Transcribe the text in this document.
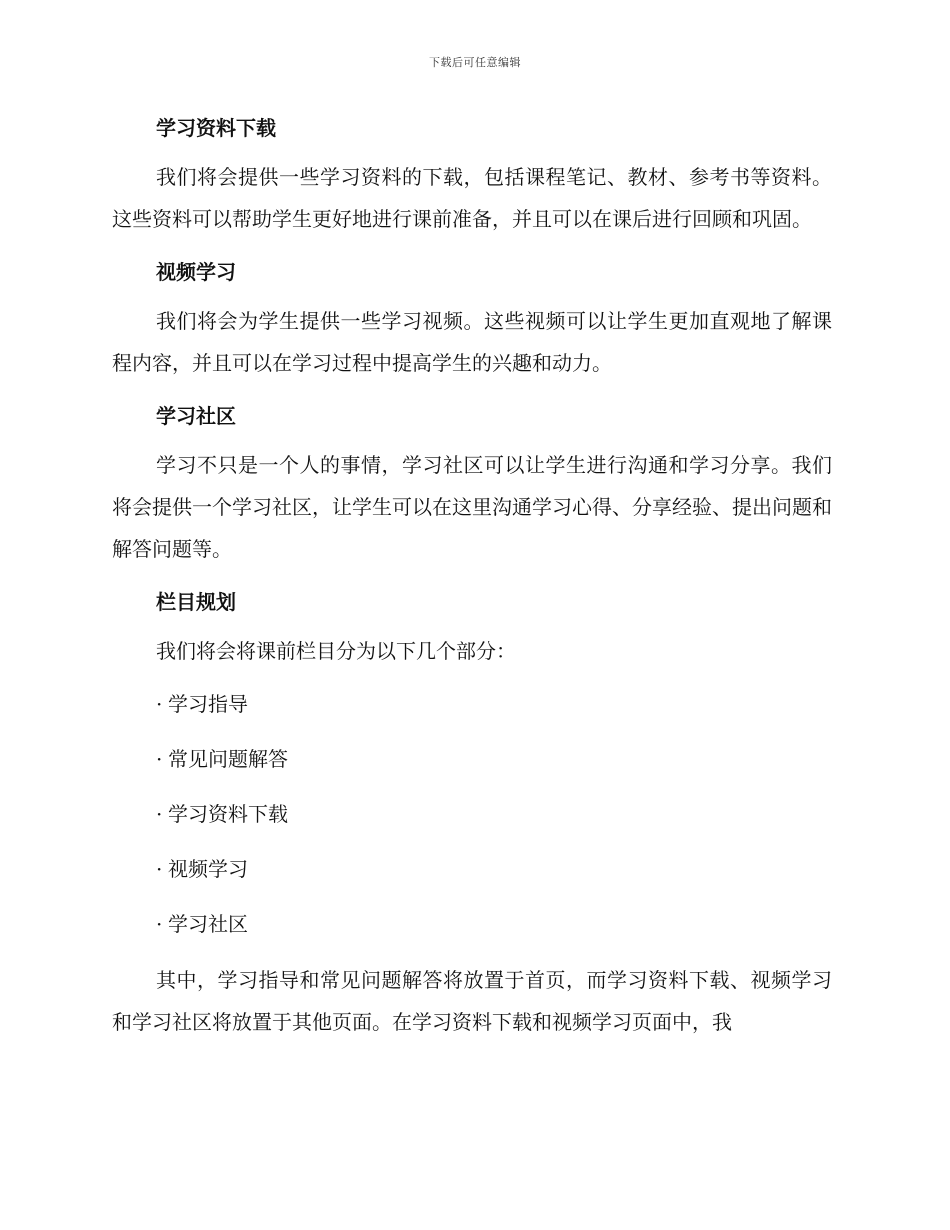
下载后可任意编辑
学习资料下载

我们将会提供一些学习资料的下载，包括课程笔记、教材、参考书等资料。这些资料可以帮助学生更好地进行课前准备，并且可以在课后进行回顾和巩固。

视频学习

我们将会为学生提供一些学习视频。这些视频可以让学生更加直观地了解课程内容，并且可以在学习过程中提高学生的兴趣和动力。

学习社区

学习不只是一个人的事情，学习社区可以让学生进行沟通和学习分享。我们将会提供一个学习社区，让学生可以在这里沟通学习心得、分享经验、提出问题和解答问题等。

栏目规划

我们将会将课前栏目分为以下几个部分：

· 学习指导

· 常见问题解答

· 学习资料下载

· 视频学习

· 学习社区

其中，学习指导和常见问题解答将放置于首页，而学习资料下载、视频学习和学习社区将放置于其他页面。在学习资料下载和视频学习页面中，我
